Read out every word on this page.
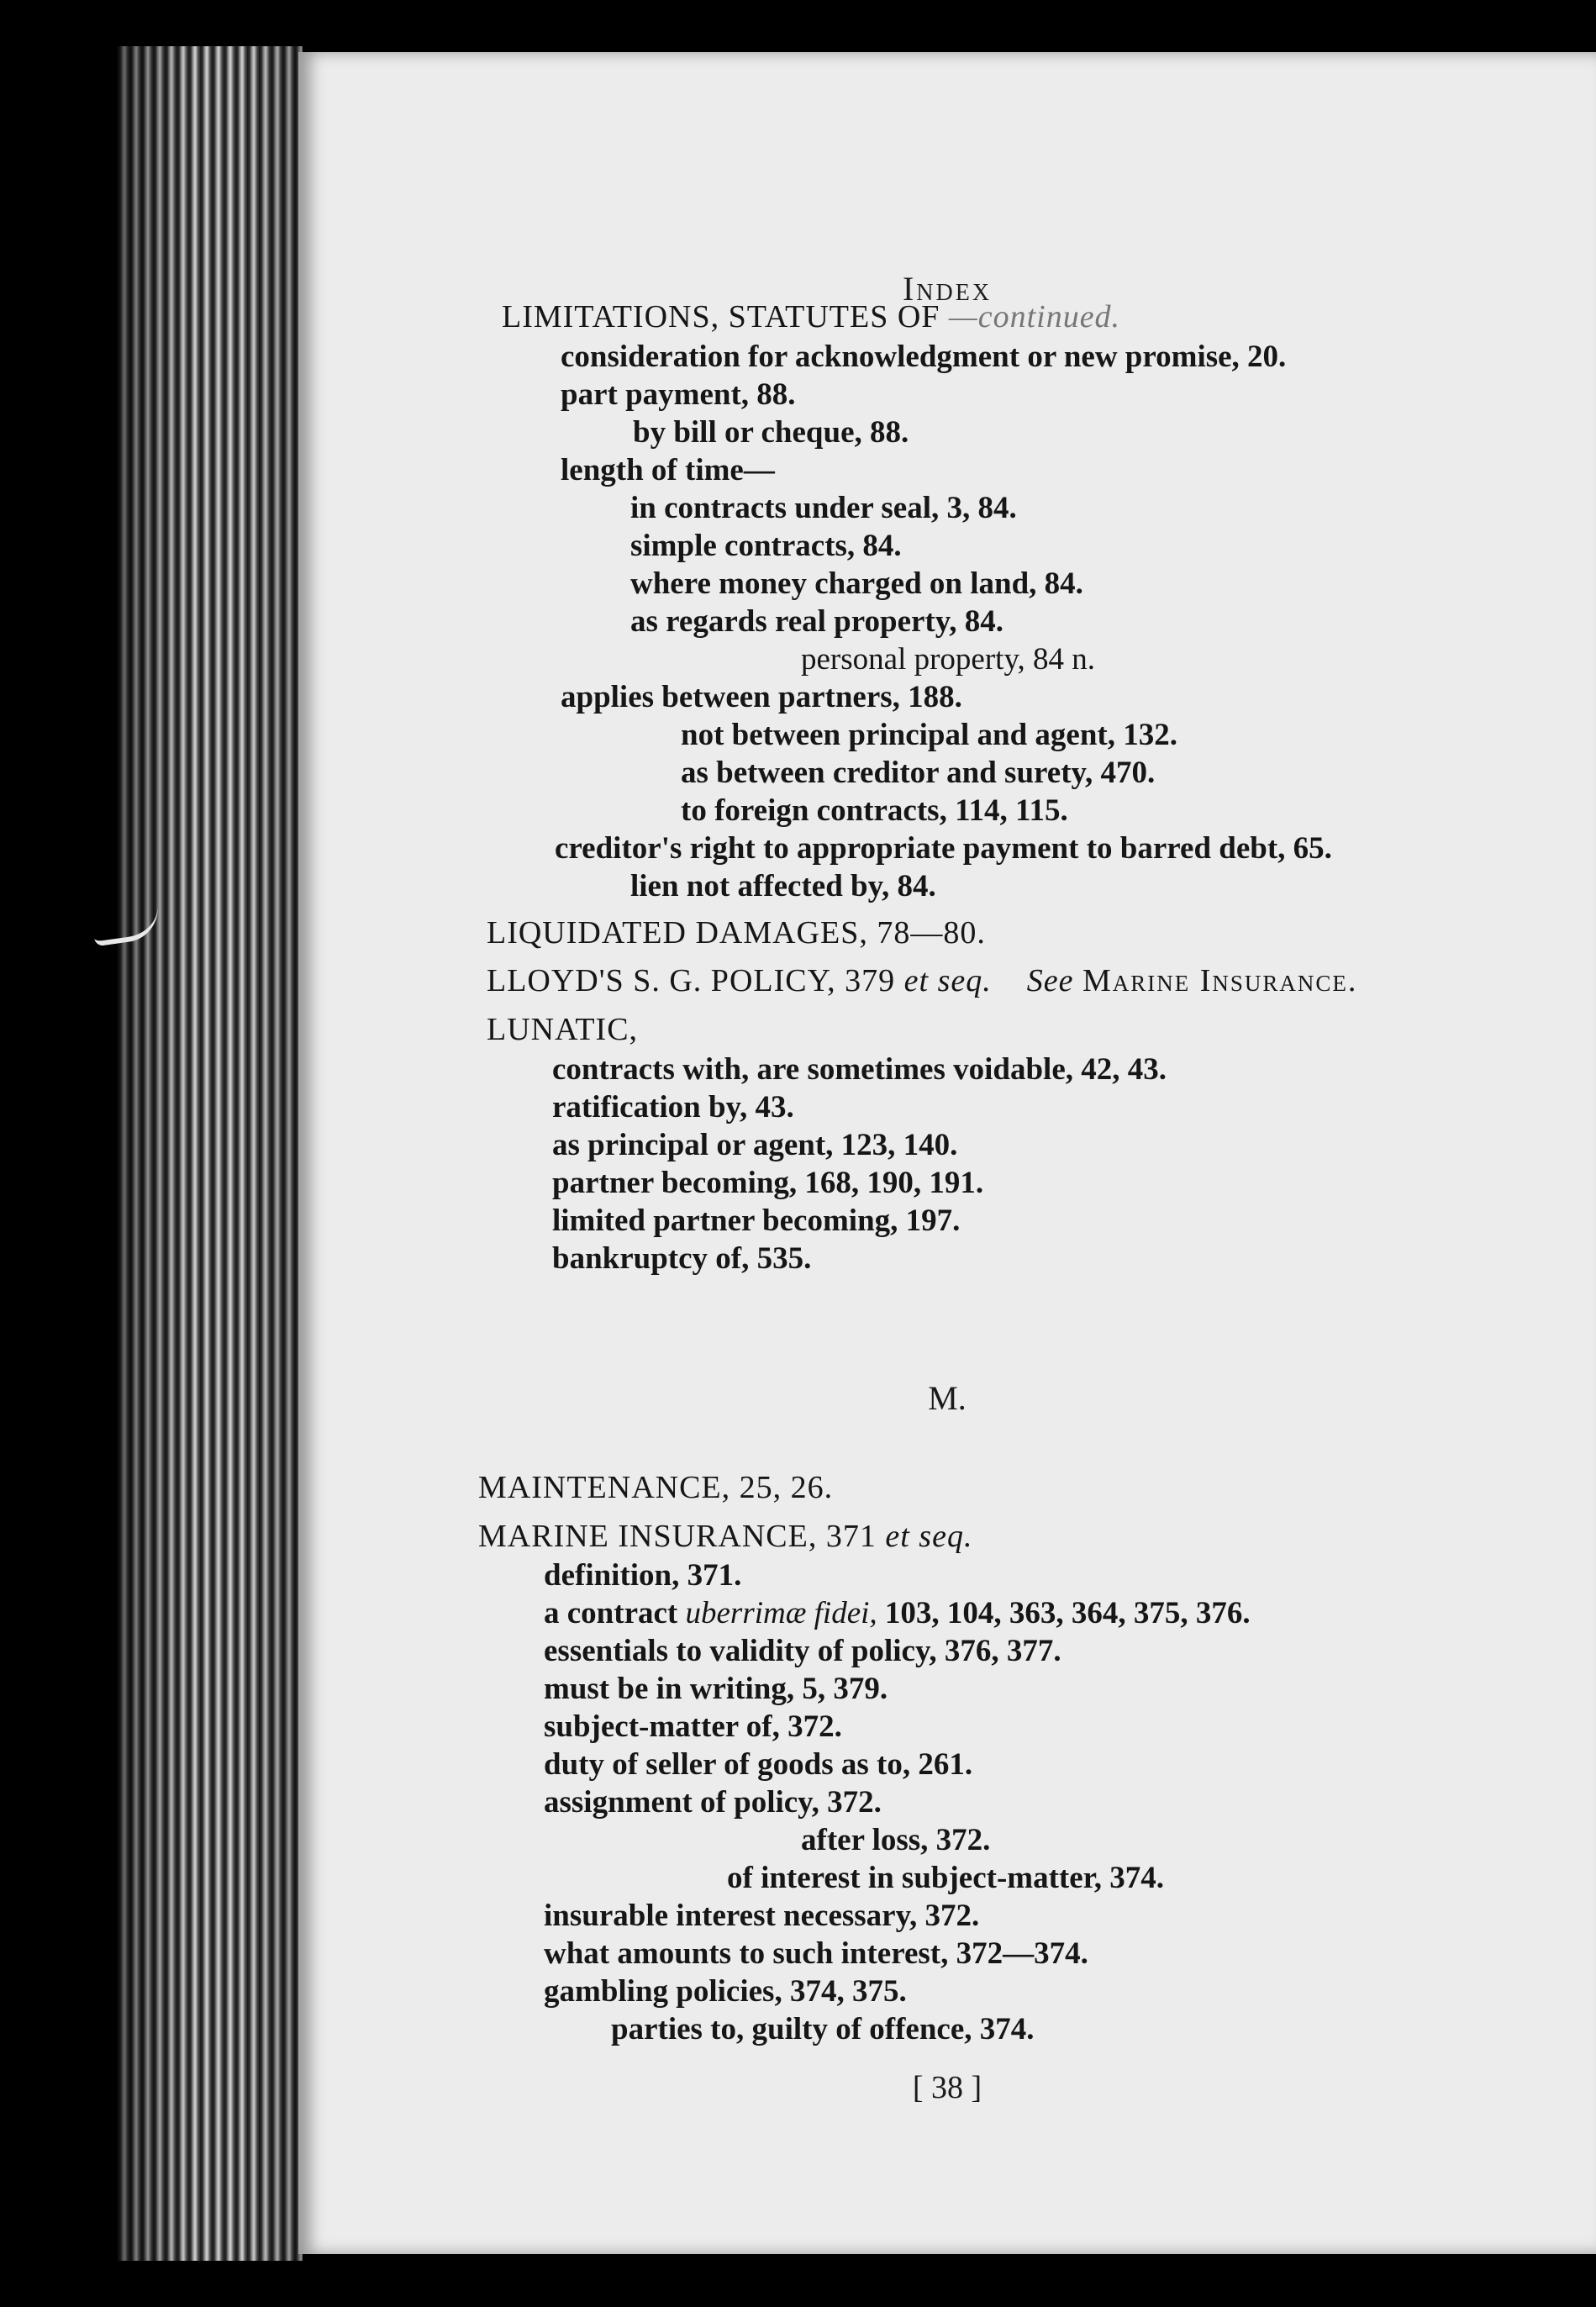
Index
LIMITATIONS, STATUTES OF —continued.
consideration for acknowledgment or new promise, 20.
part payment, 88.
by bill or cheque, 88.
length of time—
in contracts under seal, 3, 84.
simple contracts, 84.
where money charged on land, 84.
as regards real property, 84.
personal property, 84 n.
applies between partners, 188.
not between principal and agent, 132.
as between creditor and surety, 470.
to foreign contracts, 114, 115.
creditor's right to appropriate payment to barred debt, 65.
lien not affected by, 84.
LIQUIDATED DAMAGES, 78—80.
LLOYD'S S. G. POLICY, 379 et seq. See Marine Insurance.
LUNATIC,
contracts with, are sometimes voidable, 42, 43.
ratification by, 43.
as principal or agent, 123, 140.
partner becoming, 168, 190, 191.
limited partner becoming, 197.
bankruptcy of, 535.
M.
MAINTENANCE, 25, 26.
MARINE INSURANCE, 371 et seq.
definition, 371.
a contract uberrimæ fidei, 103, 104, 363, 364, 375, 376.
essentials to validity of policy, 376, 377.
must be in writing, 5, 379.
subject-matter of, 372.
duty of seller of goods as to, 261.
assignment of policy, 372.
after loss, 372.
of interest in subject-matter, 374.
insurable interest necessary, 372.
what amounts to such interest, 372—374.
gambling policies, 374, 375.
parties to, guilty of offence, 374.
[ 38 ]
